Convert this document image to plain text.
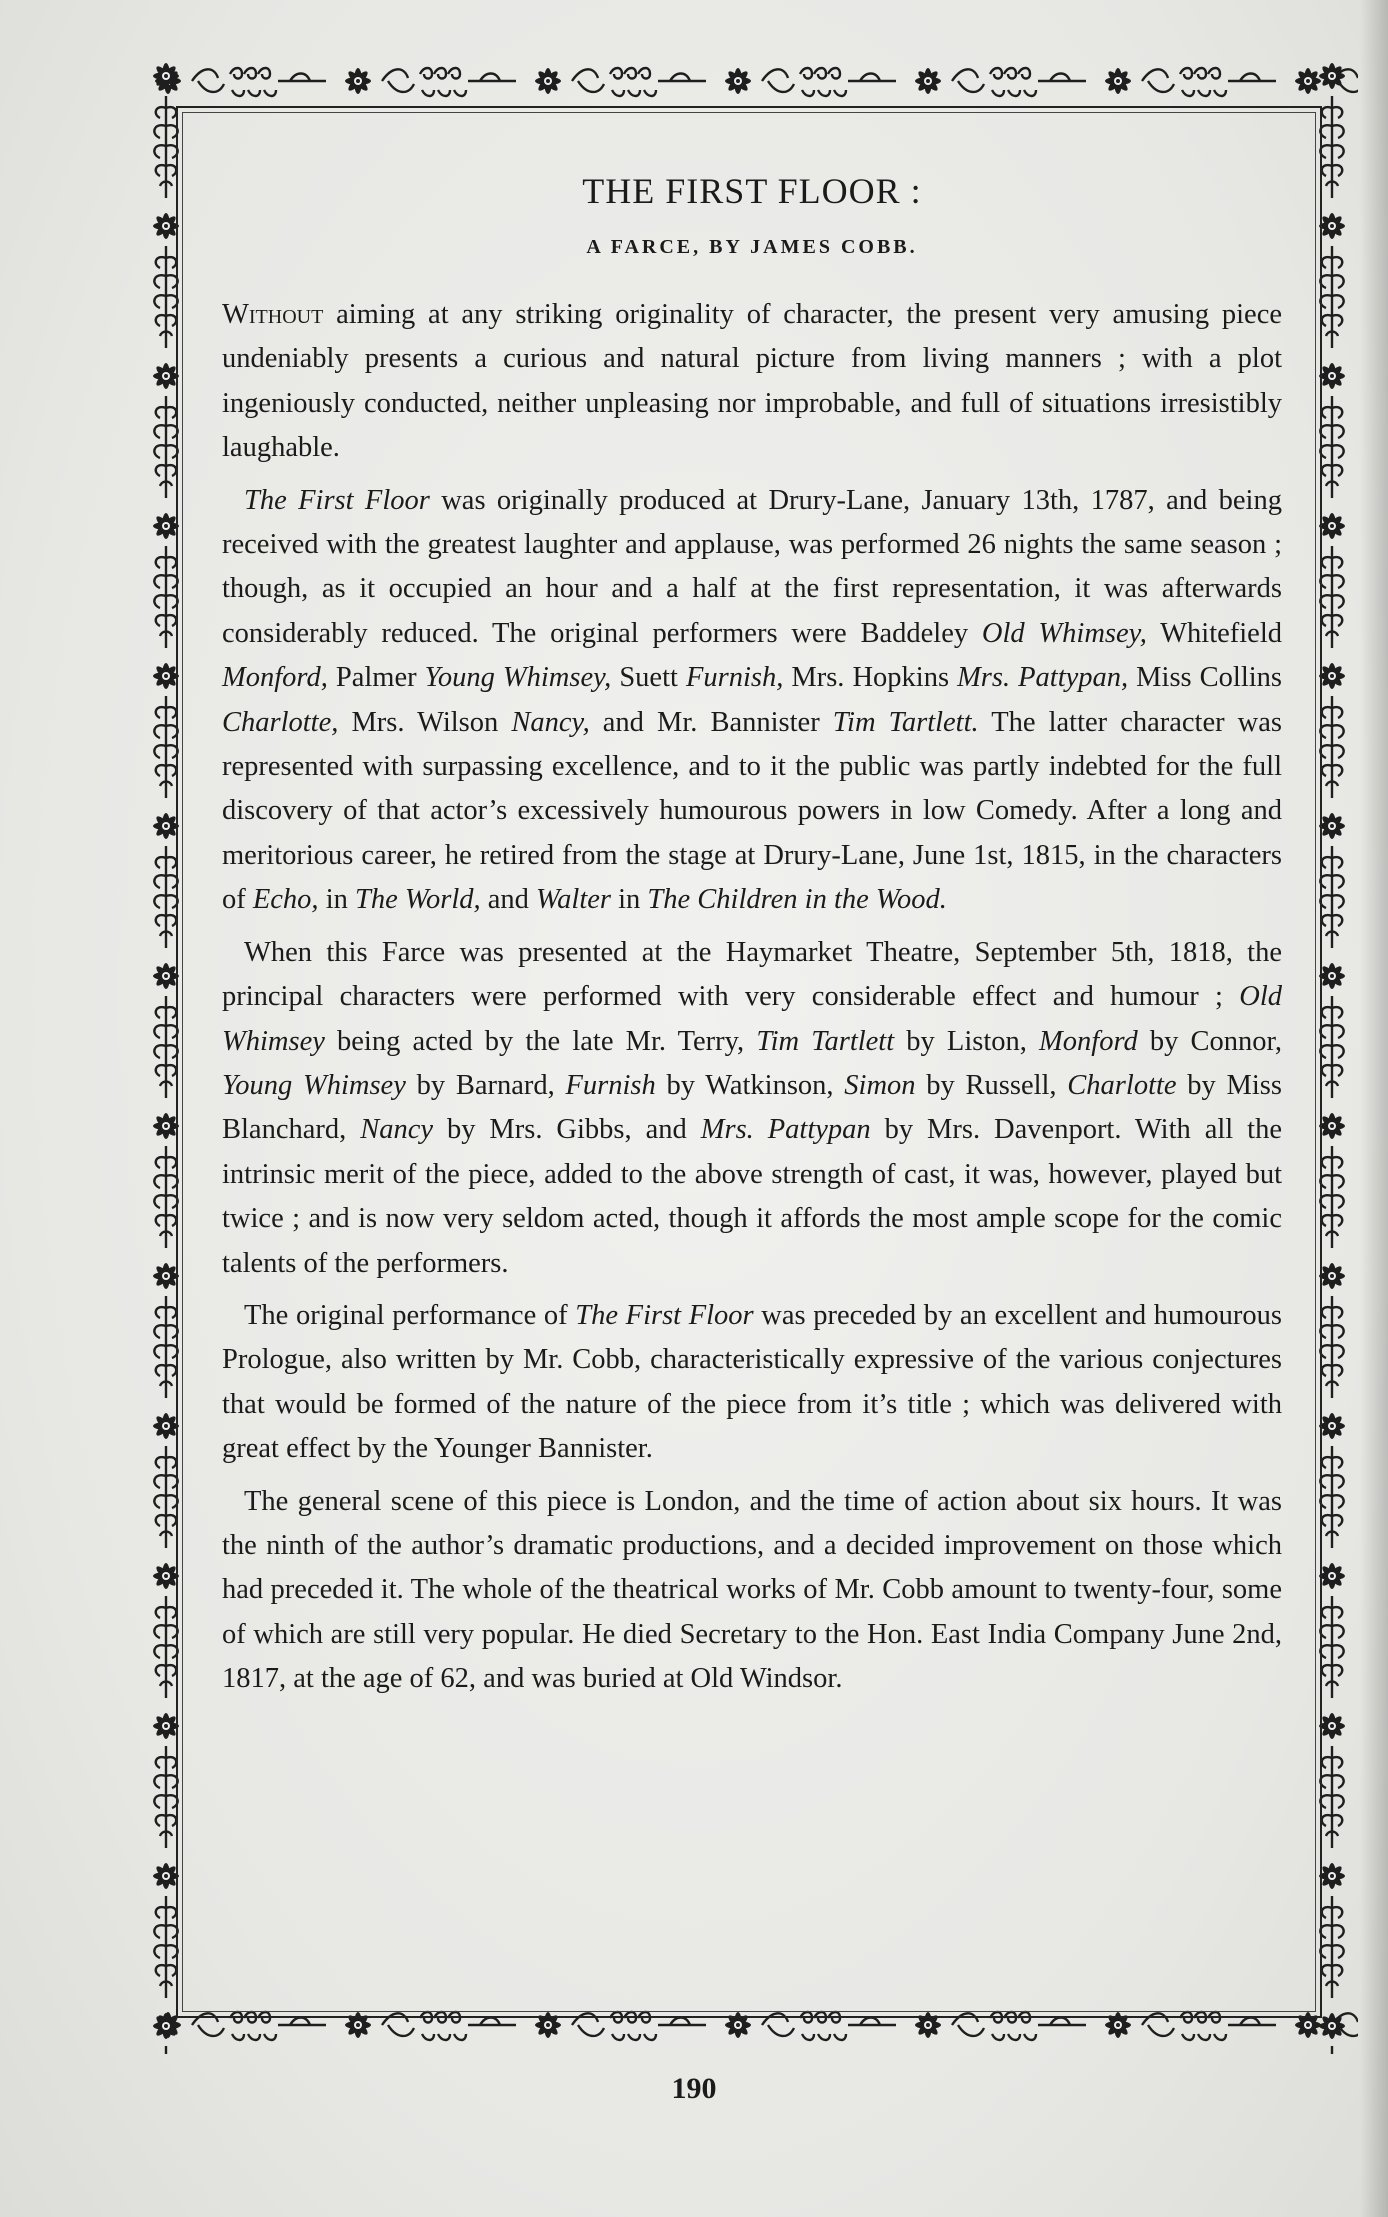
THE FIRST FLOOR :
A FARCE, BY JAMES COBB.

Without aiming at any striking originality of character, the present very amusing piece undeniably presents a curious and natural picture from living manners ; with a plot ingeniously conducted, neither unpleasing nor improbable, and full of situations irresistibly laughable.

The First Floor was originally produced at Drury-Lane, January 13th, 1787, and being received with the greatest laughter and applause, was performed 26 nights the same season ; though, as it occupied an hour and a half at the first representation, it was afterwards considerably reduced. The original performers were Baddeley Old Whimsey, Whitefield Monford, Palmer Young Whimsey, Suett Furnish, Mrs. Hopkins Mrs. Pattypan, Miss Collins Charlotte, Mrs. Wilson Nancy, and Mr. Bannister Tim Tartlett. The latter character was represented with surpassing excellence, and to it the public was partly indebted for the full discovery of that actor’s excessively humourous powers in low Comedy. After a long and meritorious career, he retired from the stage at Drury-Lane, June 1st, 1815, in the characters of Echo, in The World, and Walter in The Children in the Wood.

When this Farce was presented at the Haymarket Theatre, September 5th, 1818, the principal characters were performed with very considerable effect and humour ; Old Whimsey being acted by the late Mr. Terry, Tim Tartlett by Liston, Monford by Connor, Young Whimsey by Barnard, Furnish by Watkinson, Simon by Russell, Charlotte by Miss Blanchard, Nancy by Mrs. Gibbs, and Mrs. Pattypan by Mrs. Davenport. With all the intrinsic merit of the piece, added to the above strength of cast, it was, however, played but twice ; and is now very seldom acted, though it affords the most ample scope for the comic talents of the performers.

The original performance of The First Floor was preceded by an excellent and humourous Prologue, also written by Mr. Cobb, characteristically expressive of the various conjectures that would be formed of the nature of the piece from it’s title ; which was delivered with great effect by the Younger Bannister.

The general scene of this piece is London, and the time of action about six hours. It was the ninth of the author’s dramatic productions, and a decided improvement on those which had preceded it. The whole of the theatrical works of Mr. Cobb amount to twenty-four, some of which are still very popular. He died Secretary to the Hon. East India Company June 2nd, 1817, at the age of 62, and was buried at Old Windsor.

190
